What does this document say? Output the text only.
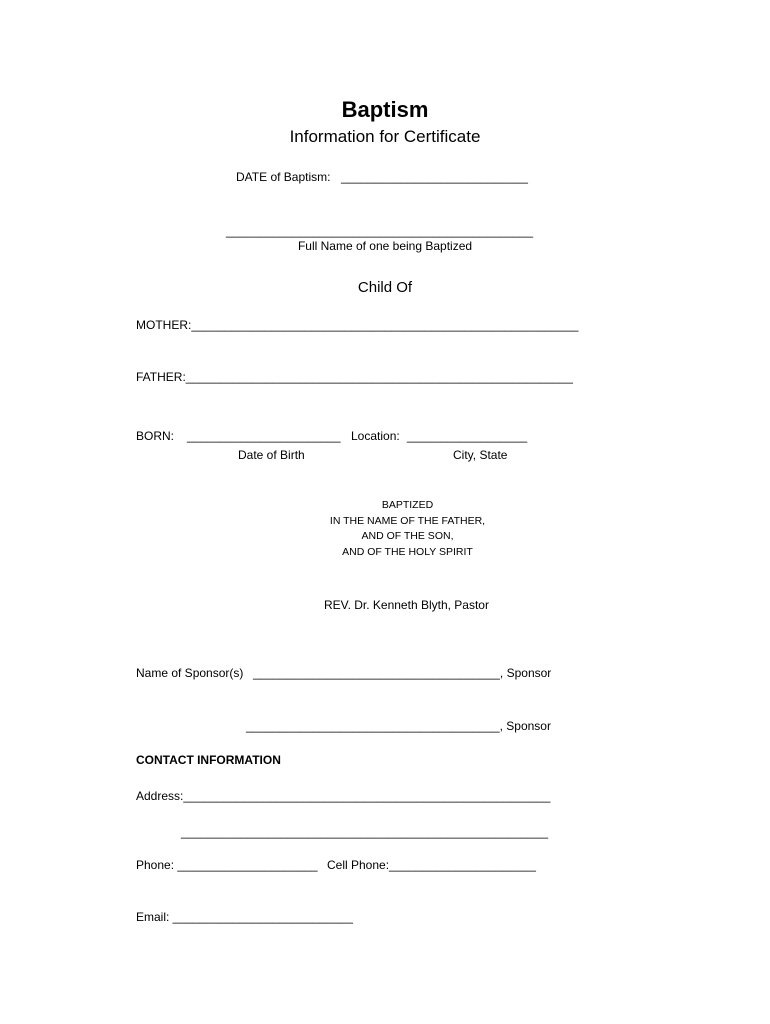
Baptism
Information for Certificate
DATE of Baptism: ____________________________
______________________________________________
Full Name of one being Baptized
Child Of
MOTHER:__________________________________________________________
FATHER:__________________________________________________________
BORN: _______________________ Location: __________________
Date of Birth	City, State
BAPTIZED
IN THE NAME OF THE FATHER,
AND OF THE SON,
AND OF THE HOLY SPIRIT
REV. Dr. Kenneth Blyth, Pastor
Name of Sponsor(s) _____________________________________, Sponsor
______________________________________, Sponsor
CONTACT INFORMATION
Address:_______________________________________________________
_______________________________________________________
Phone: _____________________ Cell Phone:______________________
Email: ___________________________
